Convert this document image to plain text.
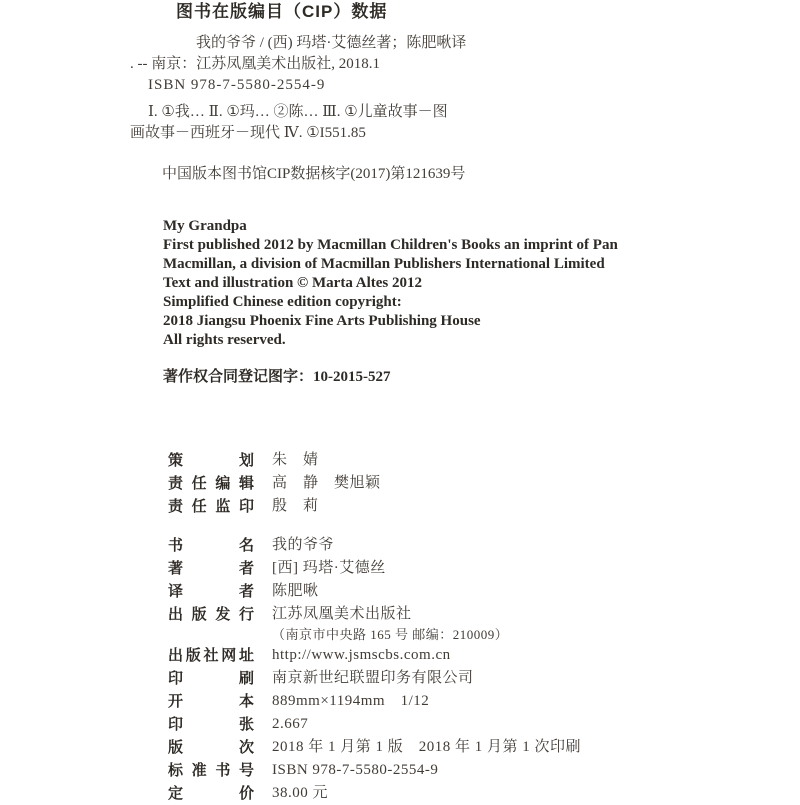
图书在版编目（CIP）数据
我的爷爷 / (西) 玛塔·艾德丝著；陈肥啾译
. -- 南京：江苏凤凰美术出版社, 2018.1
ISBN 978-7-5580-2554-9
Ⅰ. ①我… Ⅱ. ①玛… ②陈… Ⅲ. ①儿童故事－图
画故事－西班牙－现代 Ⅳ. ①I551.85
中国版本图书馆CIP数据核字(2017)第121639号
My Grandpa
First published 2012 by Macmillan Children's Books an imprint of Pan
Macmillan, a division of Macmillan Publishers International Limited
Text and illustration © Marta Altes 2012
Simplified Chinese edition copyright:
2018 Jiangsu Phoenix Fine Arts Publishing House
All rights reserved.
著作权合同登记图字：10-2015-527
策划 朱　婧
责任编辑 高　静　樊旭颖
责任监印 殷　莉
书名 我的爷爷
著者 [西] 玛塔·艾德丝
译者 陈肥啾
出版发行 江苏凤凰美术出版社
（南京市中央路 165 号 邮编：210009）
出版社网址 http://www.jsmscbs.com.cn
印刷 南京新世纪联盟印务有限公司
开本 889mm×1194mm　1/12
印张 2.667
版次 2018 年 1 月第 1 版　2018 年 1 月第 1 次印刷
标准书号 ISBN 978-7-5580-2554-9
定价 38.00 元
